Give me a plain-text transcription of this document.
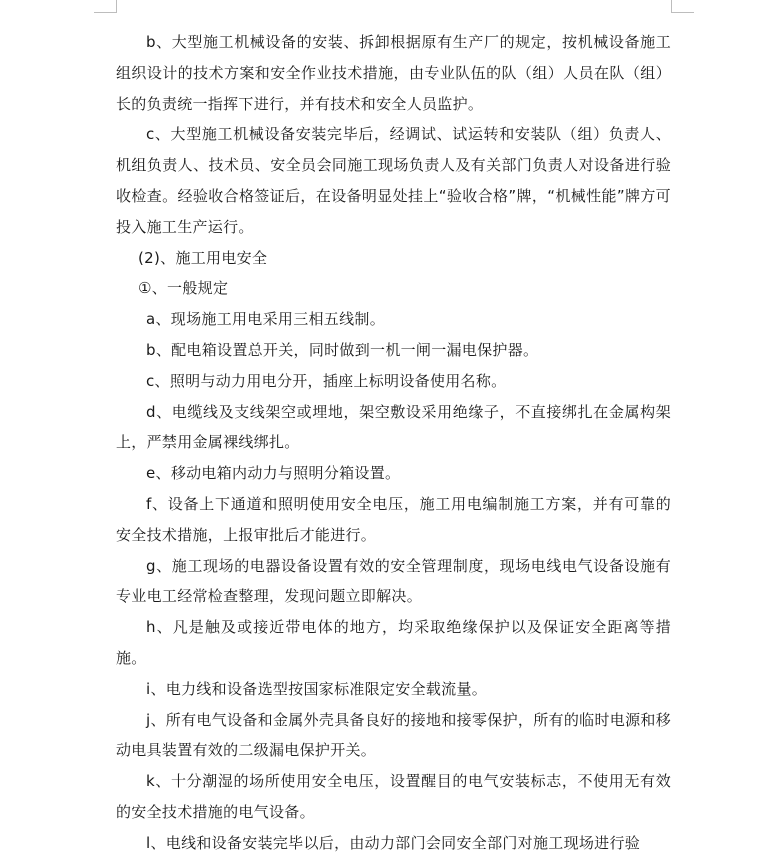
b、大型施工机械设备的安装、拆卸根据原有生产厂的规定，按机械设备施工组织设计的技术方案和安全作业技术措施，由专业队伍的队（组）人员在队（组）长的负责统一指挥下进行，并有技术和安全人员监护。

c、大型施工机械设备安装完毕后，经调试、试运转和安装队（组）负责人、机组负责人、技术员、安全员会同施工现场负责人及有关部门负责人对设备进行验收检查。经验收合格签证后，在设备明显处挂上“验收合格”牌，“机械性能”牌方可投入施工生产运行。

(2)、施工用电安全

①、一般规定

a、现场施工用电采用三相五线制。

b、配电箱设置总开关，同时做到一机一闸一漏电保护器。

c、照明与动力用电分开，插座上标明设备使用名称。

d、电缆线及支线架空或埋地，架空敷设采用绝缘子，不直接绑扎在金属构架上，严禁用金属裸线绑扎。

e、移动电箱内动力与照明分箱设置。

f、设备上下通道和照明使用安全电压，施工用电编制施工方案，并有可靠的安全技术措施，上报审批后才能进行。

g、施工现场的电器设备设置有效的安全管理制度，现场电线电气设备设施有专业电工经常检查整理，发现问题立即解决。

h、凡是触及或接近带电体的地方，均采取绝缘保护以及保证安全距离等措施。

i、电力线和设备选型按国家标准限定安全载流量。

j、所有电气设备和金属外壳具备良好的接地和接零保护，所有的临时电源和移动电具装置有效的二级漏电保护开关。

k、十分潮湿的场所使用安全电压，设置醒目的电气安装标志，不使用无有效的安全技术措施的电气设备。

l、电线和设备安装完毕以后，由动力部门会同安全部门对施工现场进行验
